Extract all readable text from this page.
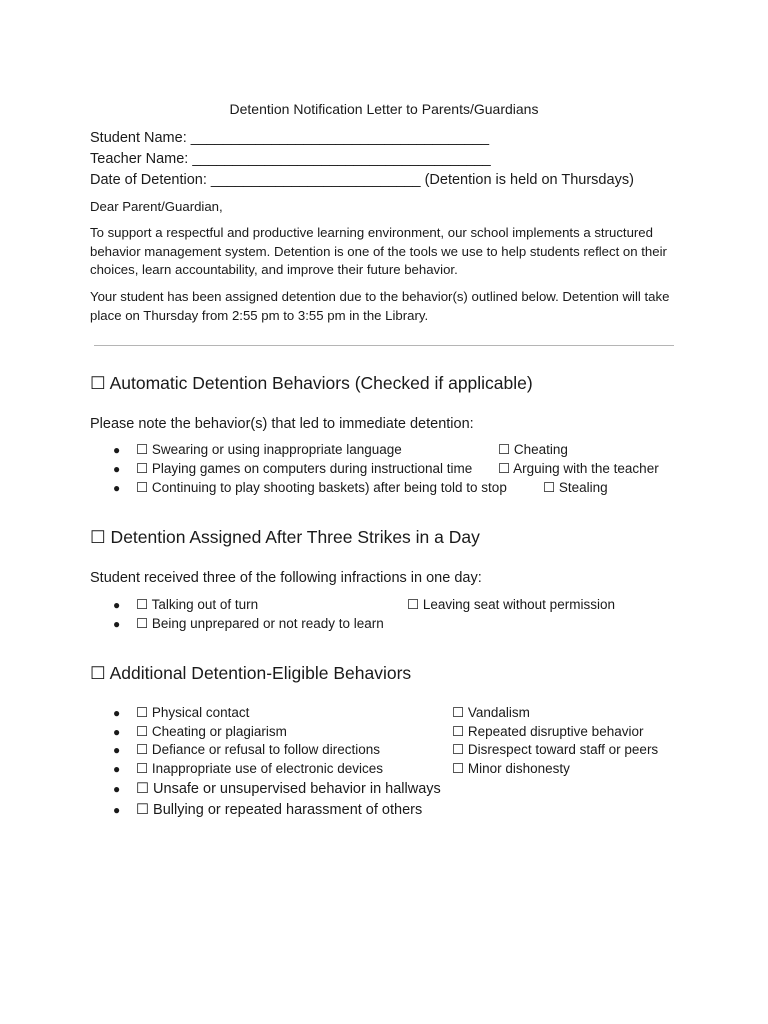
Detention Notification Letter to Parents/Guardians
Student Name: _____________________________________
Teacher Name: _____________________________________
Date of Detention: __________________________ (Detention is held on Thursdays)
Dear Parent/Guardian,
To support a respectful and productive learning environment, our school implements a structured behavior management system. Detention is one of the tools we use to help students reflect on their choices, learn accountability, and improve their future behavior.
Your student has been assigned detention due to the behavior(s) outlined below. Detention will take place on Thursday from 2:55 pm to 3:55 pm in the Library.
☐ Automatic Detention Behaviors (Checked if applicable)
Please note the behavior(s) that led to immediate detention:
● ☐ Swearing or using inappropriate language	☐ Cheating
● ☐ Playing games on computers during instructional time ☐ Arguing with the teacher
● ☐ Continuing to play shooting baskets) after being told to stop	☐ Stealing
☐ Detention Assigned After Three Strikes in a Day
Student received three of the following infractions in one day:
● ☐ Talking out of turn	☐ Leaving seat without permission
● ☐ Being unprepared or not ready to learn
☐ Additional Detention-Eligible Behaviors
● ☐ Physical contact	☐ Vandalism
● ☐ Cheating or plagiarism	☐ Repeated disruptive behavior
● ☐ Defiance or refusal to follow directions	☐ Disrespect toward staff or peers
● ☐ Inappropriate use of electronic devices	☐ Minor dishonesty
● ☐ Unsafe or unsupervised behavior in hallways
● ☐ Bullying or repeated harassment of others
